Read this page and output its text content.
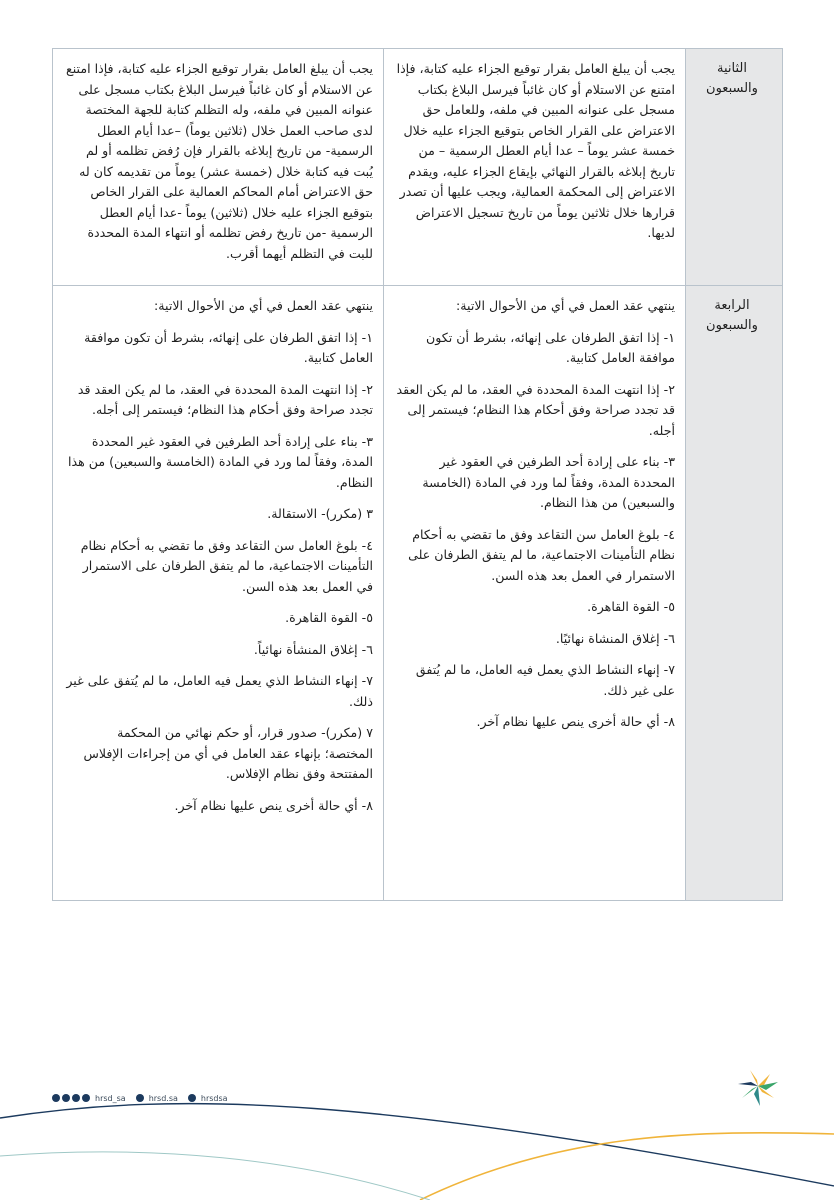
الثانية والسبعون

يجب أن يبلغ العامل بقرار توقيع الجزاء عليه كتابة، فإذا امتنع عن الاستلام أو كان غائباً فيرسل البلاغ بكتاب مسجل على عنوانه المبين في ملفه، وللعامل حق الاعتراض على القرار الخاص بتوقيع الجزاء عليه خلال خمسة عشر يوماً – عدا أيام العطل الرسمية – من تاريخ إبلاغه بالقرار النهائي بإيقاع الجزاء عليه، ويقدم الاعتراض إلى المحكمة العمالية، ويجب عليها أن تصدر قرارها خلال ثلاثين يوماً من تاريخ تسجيل الاعتراض لديها.

يجب أن يبلغ العامل بقرار توقيع الجزاء عليه كتابة، فإذا امتنع عن الاستلام أو كان غائباً فيرسل البلاغ بكتاب مسجل على عنوانه المبين في ملفه، وله التظلم كتابة للجهة المختصة لدى صاحب العمل خلال (ثلاثين يوماً) –عدا أيام العطل الرسمية- من تاريخ إبلاغه بالقرار فإن رُفض تظلمه أو لم يُبت فيه كتابة خلال (خمسة عشر) يوماً من تقديمه كان له حق الاعتراض أمام المحاكم العمالية على القرار الخاص بتوقيع الجزاء عليه خلال (ثلاثين) يوماً -عدا أيام العطل الرسمية -من تاريخ رفض تظلمه أو انتهاء المدة المحددة للبت في التظلم أيهما أقرب.

الرابعة والسبعون

ينتهي عقد العمل في أي من الأحوال الاتية:

١- إذا اتفق الطرفان على إنهائه، بشرط أن تكون موافقة العامل كتابية.

٢- إذا انتهت المدة المحددة في العقد، ما لم يكن العقد قد تجدد صراحة وفق أحكام هذا النظام؛ فيستمر إلى أجله.

٣- بناء على إرادة أحد الطرفين في العقود غير المحددة المدة، وفقاً لما ورد في المادة (الخامسة والسبعين) من هذا النظام.

٤- بلوغ العامل سن التقاعد وفق ما تقضي به أحكام نظام التأمينات الاجتماعية، ما لم يتفق الطرفان على الاستمرار في العمل بعد هذه السن.

٥- القوة القاهرة.

٦- إغلاق المنشاة نهائيًا.

٧- إنهاء النشاط الذي يعمل فيه العامل، ما لم يُتفق على غير ذلك.

٨- أي حالة أخرى ينص عليها نظام آخر.

ينتهي عقد العمل في أي من الأحوال الاتية:

١- إذا اتفق الطرفان على إنهائه، بشرط أن تكون موافقة العامل كتابية.

٢- إذا انتهت المدة المحددة في العقد، ما لم يكن العقد قد تجدد صراحة وفق أحكام هذا النظام؛ فيستمر إلى أجله.

٣- بناء على إرادة أحد الطرفين في العقود غير المحددة المدة، وفقاً لما ورد في المادة (الخامسة والسبعين) من هذا النظام.

٣ (مكرر)- الاستقالة.

٤- بلوغ العامل سن التقاعد وفق ما تقضي به أحكام نظام التأمينات الاجتماعية، ما لم يتفق الطرفان على الاستمرار في العمل بعد هذه السن.

٥- القوة القاهرة.

٦- إغلاق المنشأة نهائياً.

٧- إنهاء النشاط الذي يعمل فيه العامل، ما لم يُتفق على غير ذلك.

٧ (مكرر)- صدور قرار، أو حكم نهائي من المحكمة المختصة؛ بإنهاء عقد العامل في أي من إجراءات الإفلاس المفتتحة وفق نظام الإفلاس.

٨- أي حالة أخرى ينص عليها نظام آخر.

hrsd_sa	hrsd.sa	hrsdsa
